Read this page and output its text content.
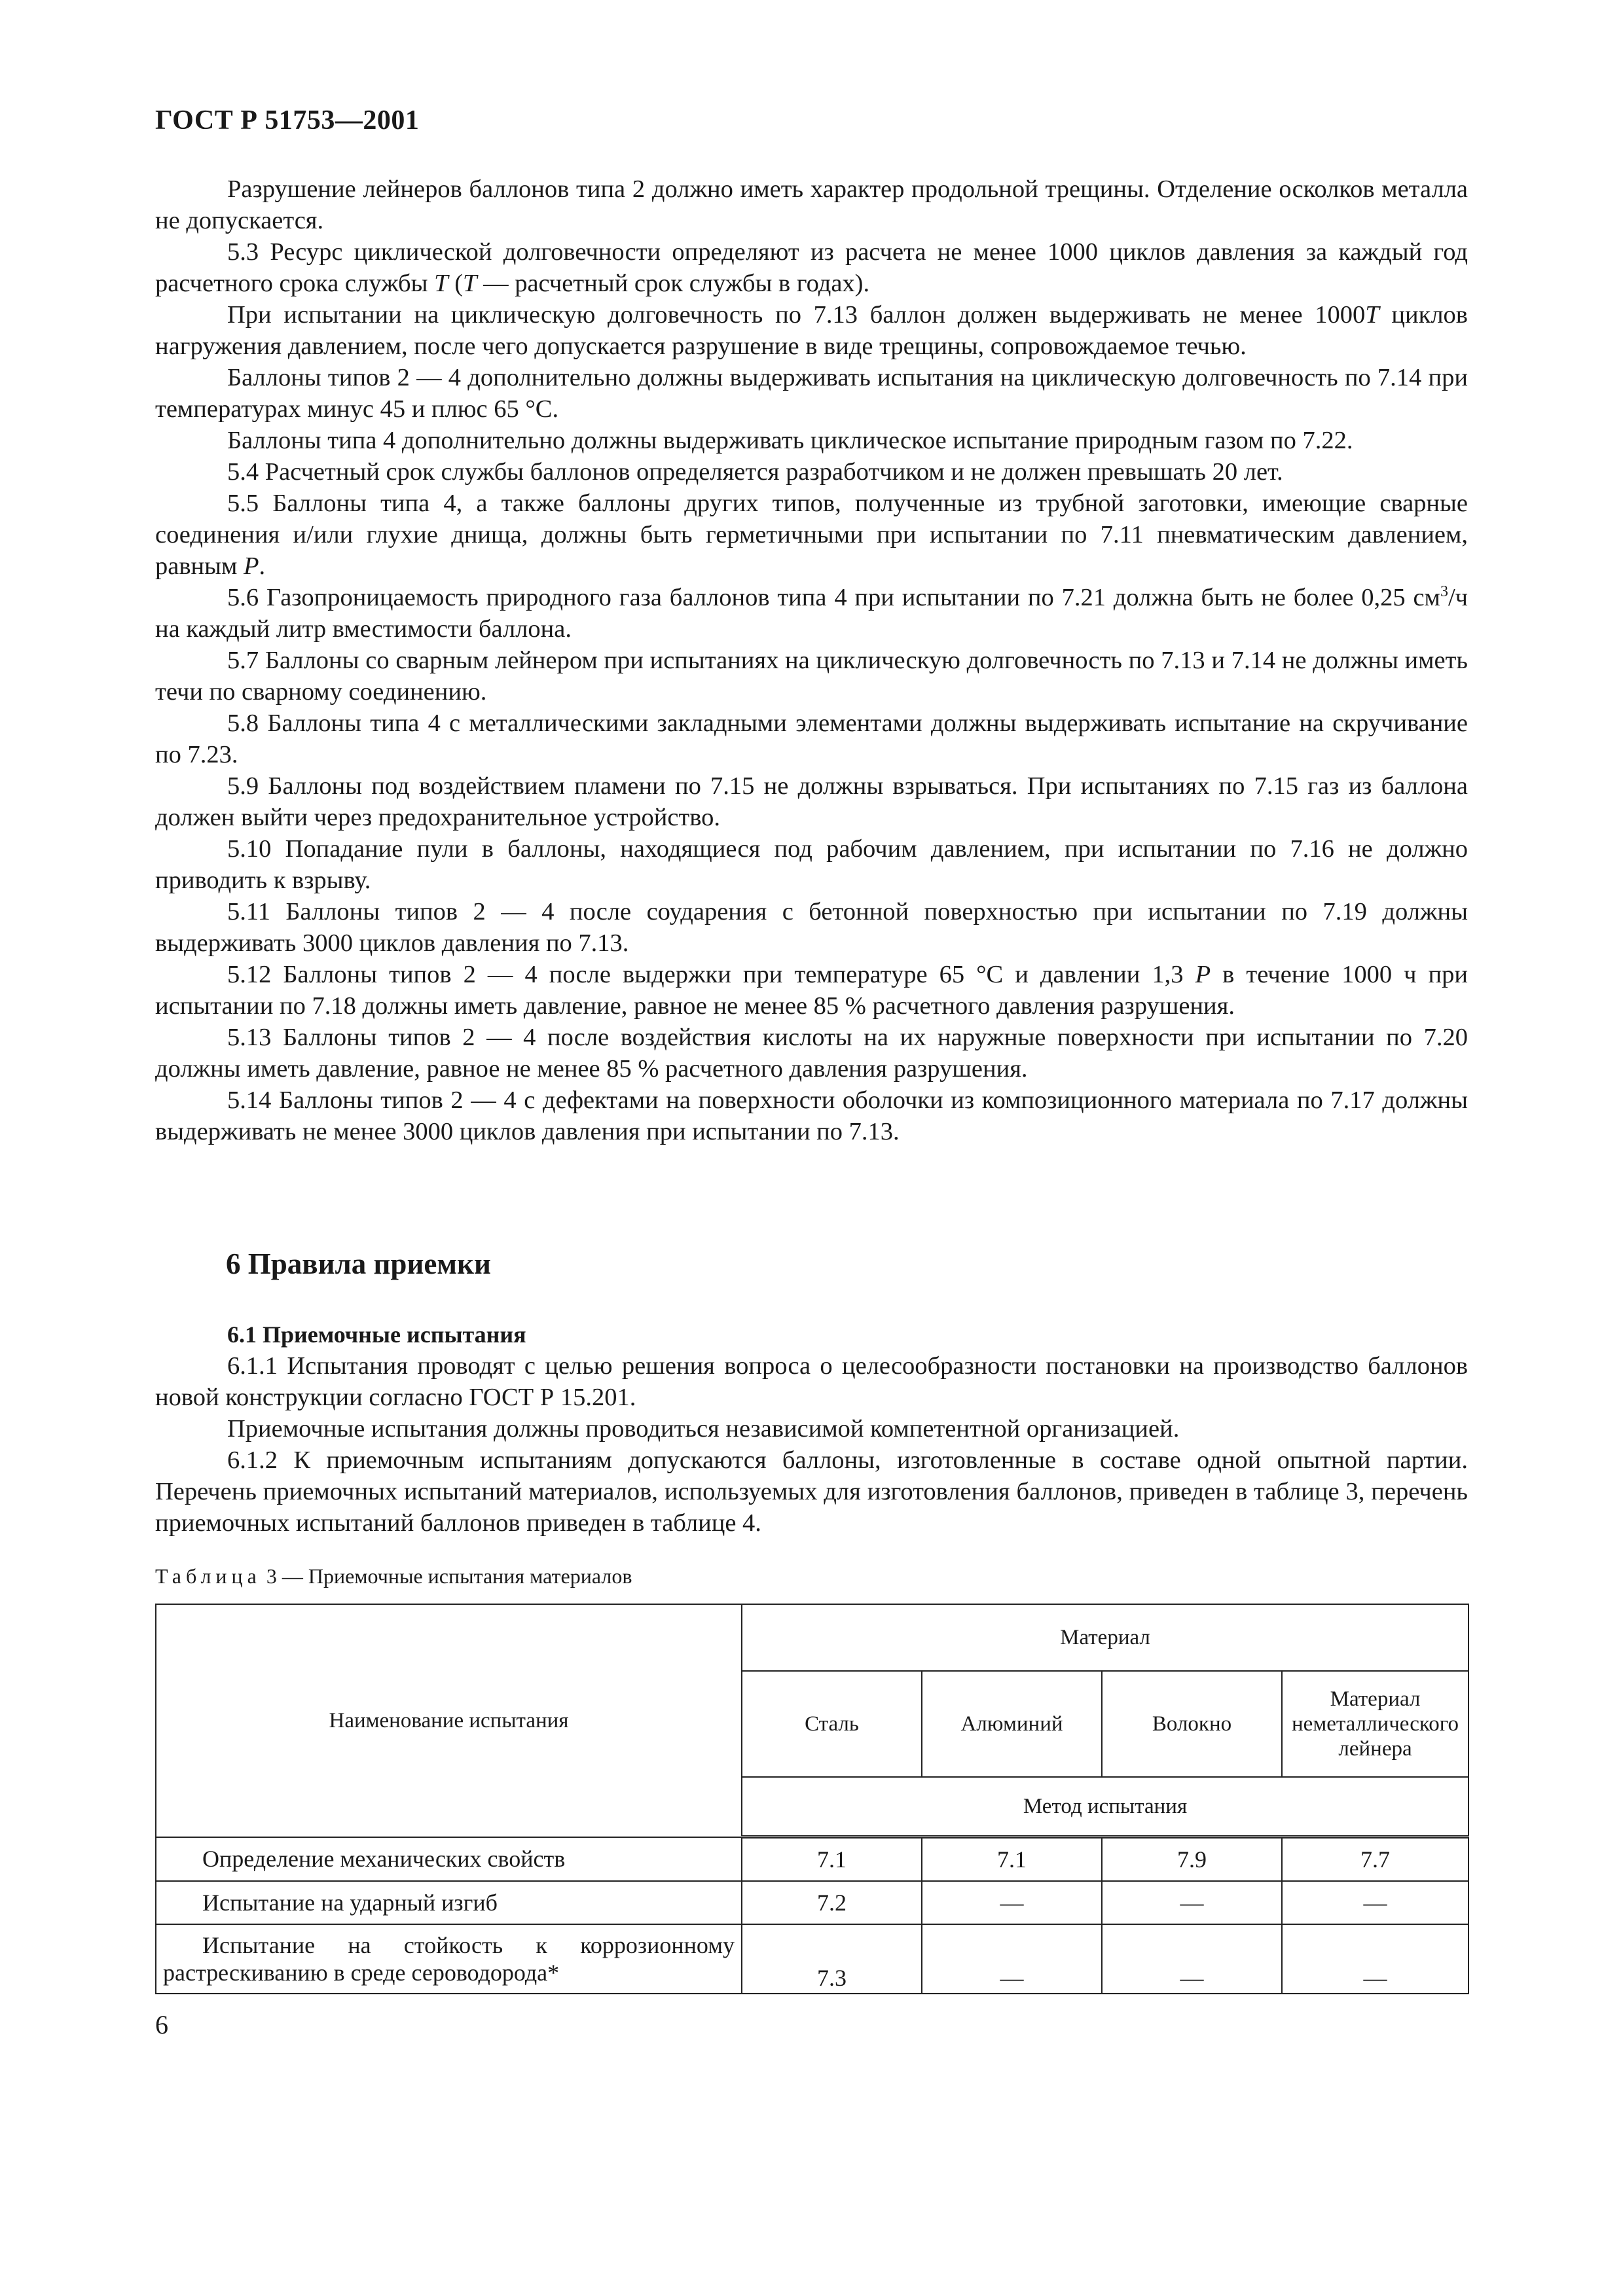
ГОСТ Р 51753—2001

Разрушение лейнеров баллонов типа 2 должно иметь характер продольной трещины. Отделение осколков металла не допускается.

5.3 Ресурс циклической долговечности определяют из расчета не менее 1000 циклов давления за каждый год расчетного срока службы T (T — расчетный срок службы в годах).

При испытании на циклическую долговечность по 7.13 баллон должен выдерживать не менее 1000T циклов нагружения давлением, после чего допускается разрушение в виде трещины, сопровождаемое течью.

Баллоны типов 2 — 4 дополнительно должны выдерживать испытания на циклическую долговечность по 7.14 при температурах минус 45 и плюс 65 °С.

Баллоны типа 4 дополнительно должны выдерживать циклическое испытание природным газом по 7.22.

5.4 Расчетный срок службы баллонов определяется разработчиком и не должен превышать 20 лет.

5.5 Баллоны типа 4, а также баллоны других типов, полученные из трубной заготовки, имеющие сварные соединения и/или глухие днища, должны быть герметичными при испытании по 7.11 пневматическим давлением, равным P.

5.6 Газопроницаемость природного газа баллонов типа 4 при испытании по 7.21 должна быть не более 0,25 $см^3/ч$ на каждый литр вместимости баллона.

5.7 Баллоны со сварным лейнером при испытаниях на циклическую долговечность по 7.13 и 7.14 не должны иметь течи по сварному соединению.

5.8 Баллоны типа 4 с металлическими закладными элементами должны выдерживать испытание на скручивание по 7.23.

5.9 Баллоны под воздействием пламени по 7.15 не должны взрываться. При испытаниях по 7.15 газ из баллона должен выйти через предохранительное устройство.

5.10 Попадание пули в баллоны, находящиеся под рабочим давлением, при испытании по 7.16 не должно приводить к взрыву.

5.11 Баллоны типов 2 — 4 после соударения с бетонной поверхностью при испытании по 7.19 должны выдерживать 3000 циклов давления по 7.13.

5.12 Баллоны типов 2 — 4 после выдержки при температуре 65 °С и давлении 1,3 P в течение 1000 ч при испытании по 7.18 должны иметь давление, равное не менее 85 % расчетного давления разрушения.

5.13 Баллоны типов 2 — 4 после воздействия кислоты на их наружные поверхности при испытании по 7.20 должны иметь давление, равное не менее 85 % расчетного давления разрушения.

5.14 Баллоны типов 2 — 4 с дефектами на поверхности оболочки из композиционного материала по 7.17 должны выдерживать не менее 3000 циклов давления при испытании по 7.13.

6 Правила приемки

6.1 Приемочные испытания

6.1.1 Испытания проводят с целью решения вопроса о целесообразности постановки на производство баллонов новой конструкции согласно ГОСТ Р 15.201.

Приемочные испытания должны проводиться независимой компетентной организацией.

6.1.2 К приемочным испытаниям допускаются баллоны, изготовленные в составе одной опытной партии. Перечень приемочных испытаний материалов, используемых для изготовления баллонов, приведен в таблице 3, перечень приемочных испытаний баллонов приведен в таблице 4.

Таблица 3 — Приемочные испытания материалов
Наименование испытания	Материал			
	Сталь	Алюминий	Волокно	Материал неметаллического лейнера
	Метод испытания			
Определение механических свойств	7.1	7.1	7.9	7.7
Испытание на ударный изгиб	7.2	—	—	—
Испытание на стойкость к коррозионному растрескиванию в среде сероводорода*	7.3	—	—	—
6
